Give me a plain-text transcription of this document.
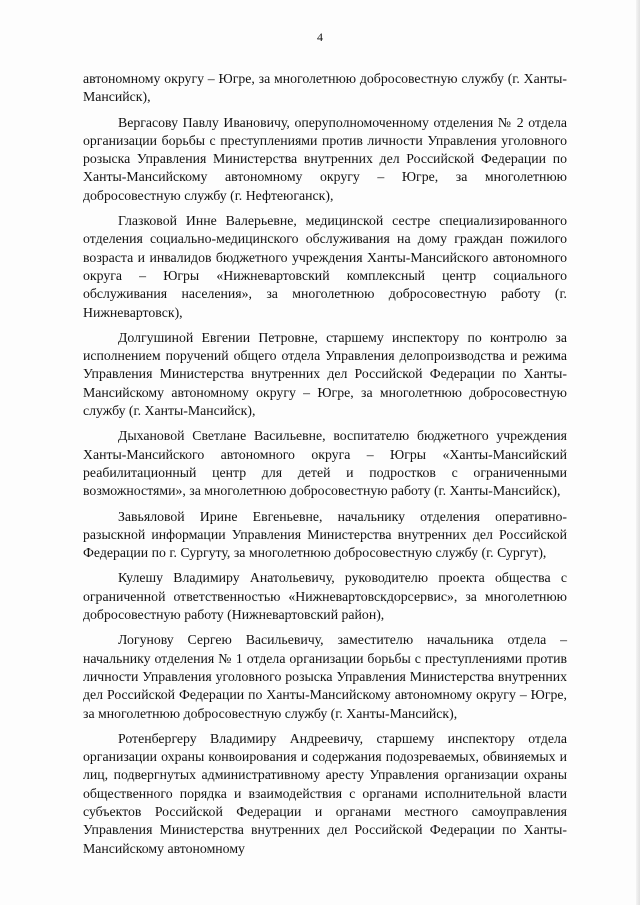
4

автономному округу – Югре, за многолетнюю добросовестную службу (г. Ханты-Мансийск),

Вергасову Павлу Ивановичу, оперуполномоченному отделения № 2 отдела организации борьбы с преступлениями против личности Управления уголовного розыска Управления Министерства внутренних дел Российской Федерации по Ханты-Мансийскому автономному округу – Югре, за многолетнюю добросовестную службу (г. Нефтеюганск),

Глазковой Инне Валерьевне, медицинской сестре специализированного отделения социально-медицинского обслуживания на дому граждан пожилого возраста и инвалидов бюджетного учреждения Ханты-Мансийского автономного округа – Югры «Нижневартовский комплексный центр социального обслуживания населения», за многолетнюю добросовестную работу (г. Нижневартовск),

Долгушиной Евгении Петровне, старшему инспектору по контролю за исполнением поручений общего отдела Управления делопроизводства и режима Управления Министерства внутренних дел Российской Федерации по Ханты-Мансийскому автономному округу – Югре, за многолетнюю добросовестную службу (г. Ханты-Мансийск),

Дыхановой Светлане Васильевне, воспитателю бюджетного учреждения Ханты-Мансийского автономного округа – Югры «Ханты-Мансийский реабилитационный центр для детей и подростков с ограниченными возможностями», за многолетнюю добросовестную работу (г. Ханты-Мансийск),

Завьяловой Ирине Евгеньевне, начальнику отделения оперативно-разыскной информации Управления Министерства внутренних дел Российской Федерации по г. Сургуту, за многолетнюю добросовестную службу (г. Сургут),

Кулешу Владимиру Анатольевичу, руководителю проекта общества с ограниченной ответственностью «Нижневартовскдорсервис», за многолетнюю добросовестную работу (Нижневартовский район),

Логунову Сергею Васильевичу, заместителю начальника отдела – начальнику отделения № 1 отдела организации борьбы с преступлениями против личности Управления уголовного розыска Управления Министерства внутренних дел Российской Федерации по Ханты-Мансийскому автономному округу – Югре, за многолетнюю добросовестную службу (г. Ханты-Мансийск),

Ротенбергеру Владимиру Андреевичу, старшему инспектору отдела организации охраны конвоирования и содержания подозреваемых, обвиняемых и лиц, подвергнутых административному аресту Управления организации охраны общественного порядка и взаимодействия с органами исполнительной власти субъектов Российской Федерации и органами местного самоуправления Управления Министерства внутренних дел Российской Федерации по Ханты-Мансийскому автономному
